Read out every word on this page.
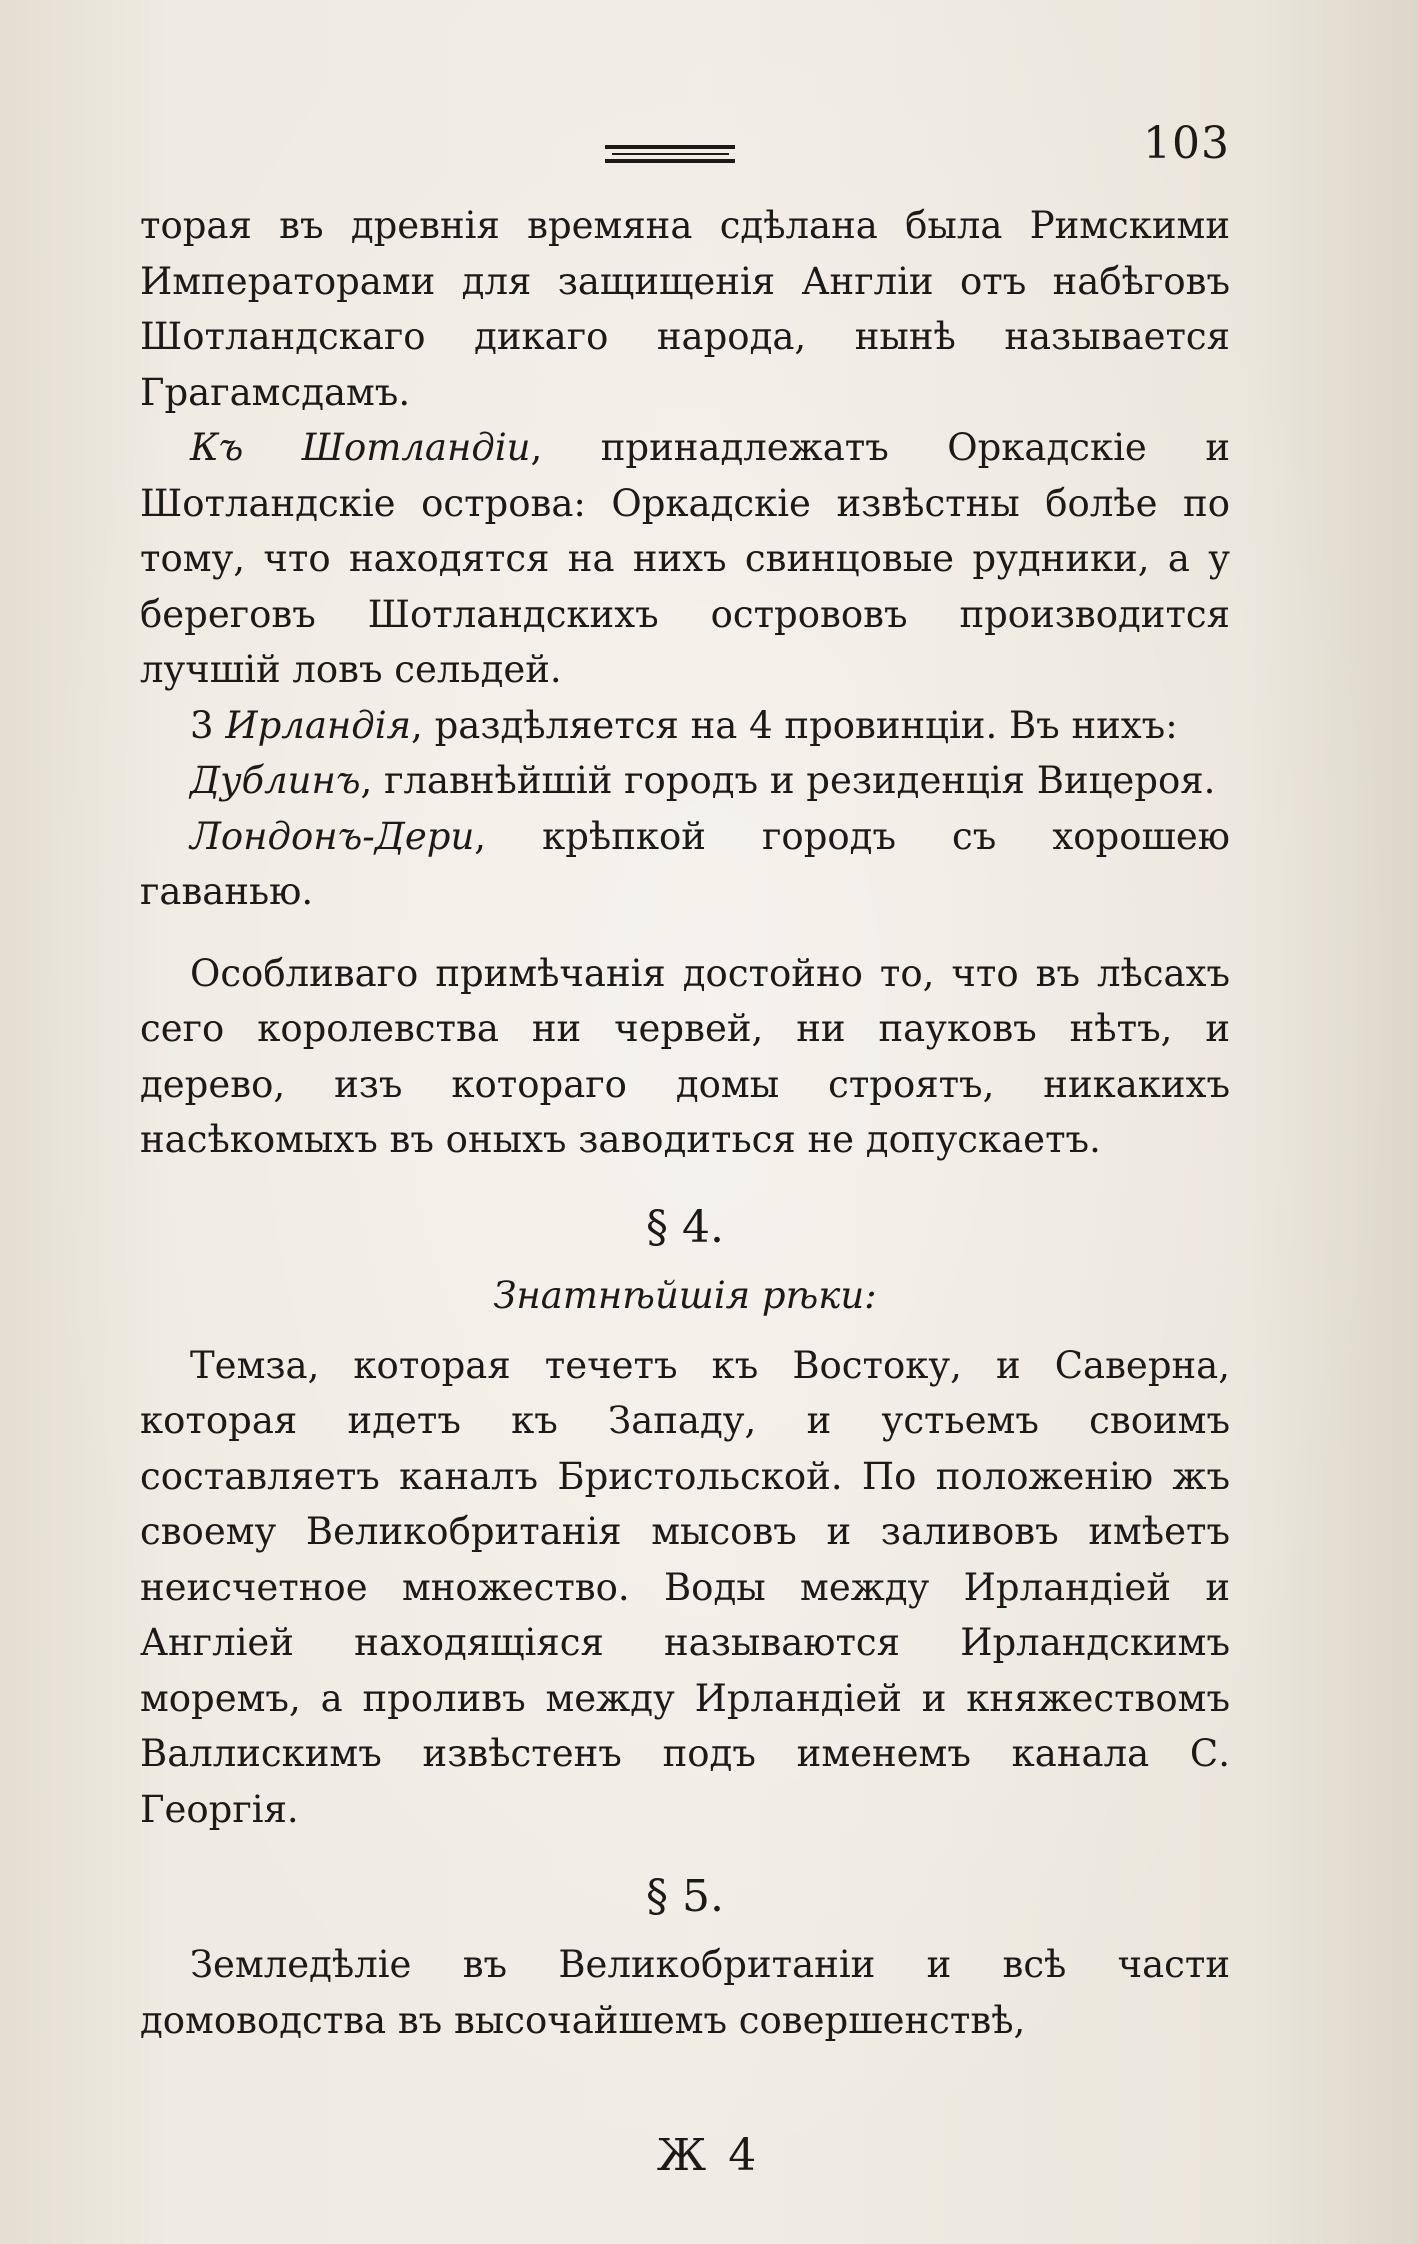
103

торая въ древнія времяна сдѣлана была Римскими Императорами для защищенія Англіи отъ набѣговъ Шотландскаго дикаго народа, нынѣ называется Грагамсдамъ.

Къ Шотландіи, принадлежатъ Оркадскіе и Шотландскіе острова: Оркадскіе извѣстны болѣе по тому, что находятся на нихъ свинцовые рудники, а у береговъ Шотландскихъ острововъ производится лучшій ловъ сельдей.

3 Ирландія, раздѣляется на 4 провинціи. Въ нихъ:

Дублинъ, главнѣйшій городъ и резиденція Вицероя.

Лондонъ-Дери, крѣпкой городъ съ хорошею гаванью.

Особливаго примѣчанія достойно то, что въ лѣсахъ сего королевства ни червей, ни пауковъ нѣтъ, и дерево, изъ котораго домы строятъ, никакихъ насѣкомыхъ въ оныхъ заводиться не допускаетъ.

§ 4.
Знатнѣйшія рѣки:

Темза, которая течетъ къ Востоку, и Саверна, которая идетъ къ Западу, и устьемъ своимъ составляетъ каналъ Бристольской. По положенію жъ своему Великобританія мысовъ и заливовъ имѣетъ неисчетное множество. Воды между Ирландіей и Англіей находящіяся называются Ирландскимъ моремъ, а проливъ между Ирландіей и княжествомъ Валлискимъ извѣстенъ подъ именемъ канала С. Георгія.

§ 5.

Земледѣліе въ Великобританіи и всѣ части домоводства въ высочайшемъ совершенствѣ,

Ж 4
